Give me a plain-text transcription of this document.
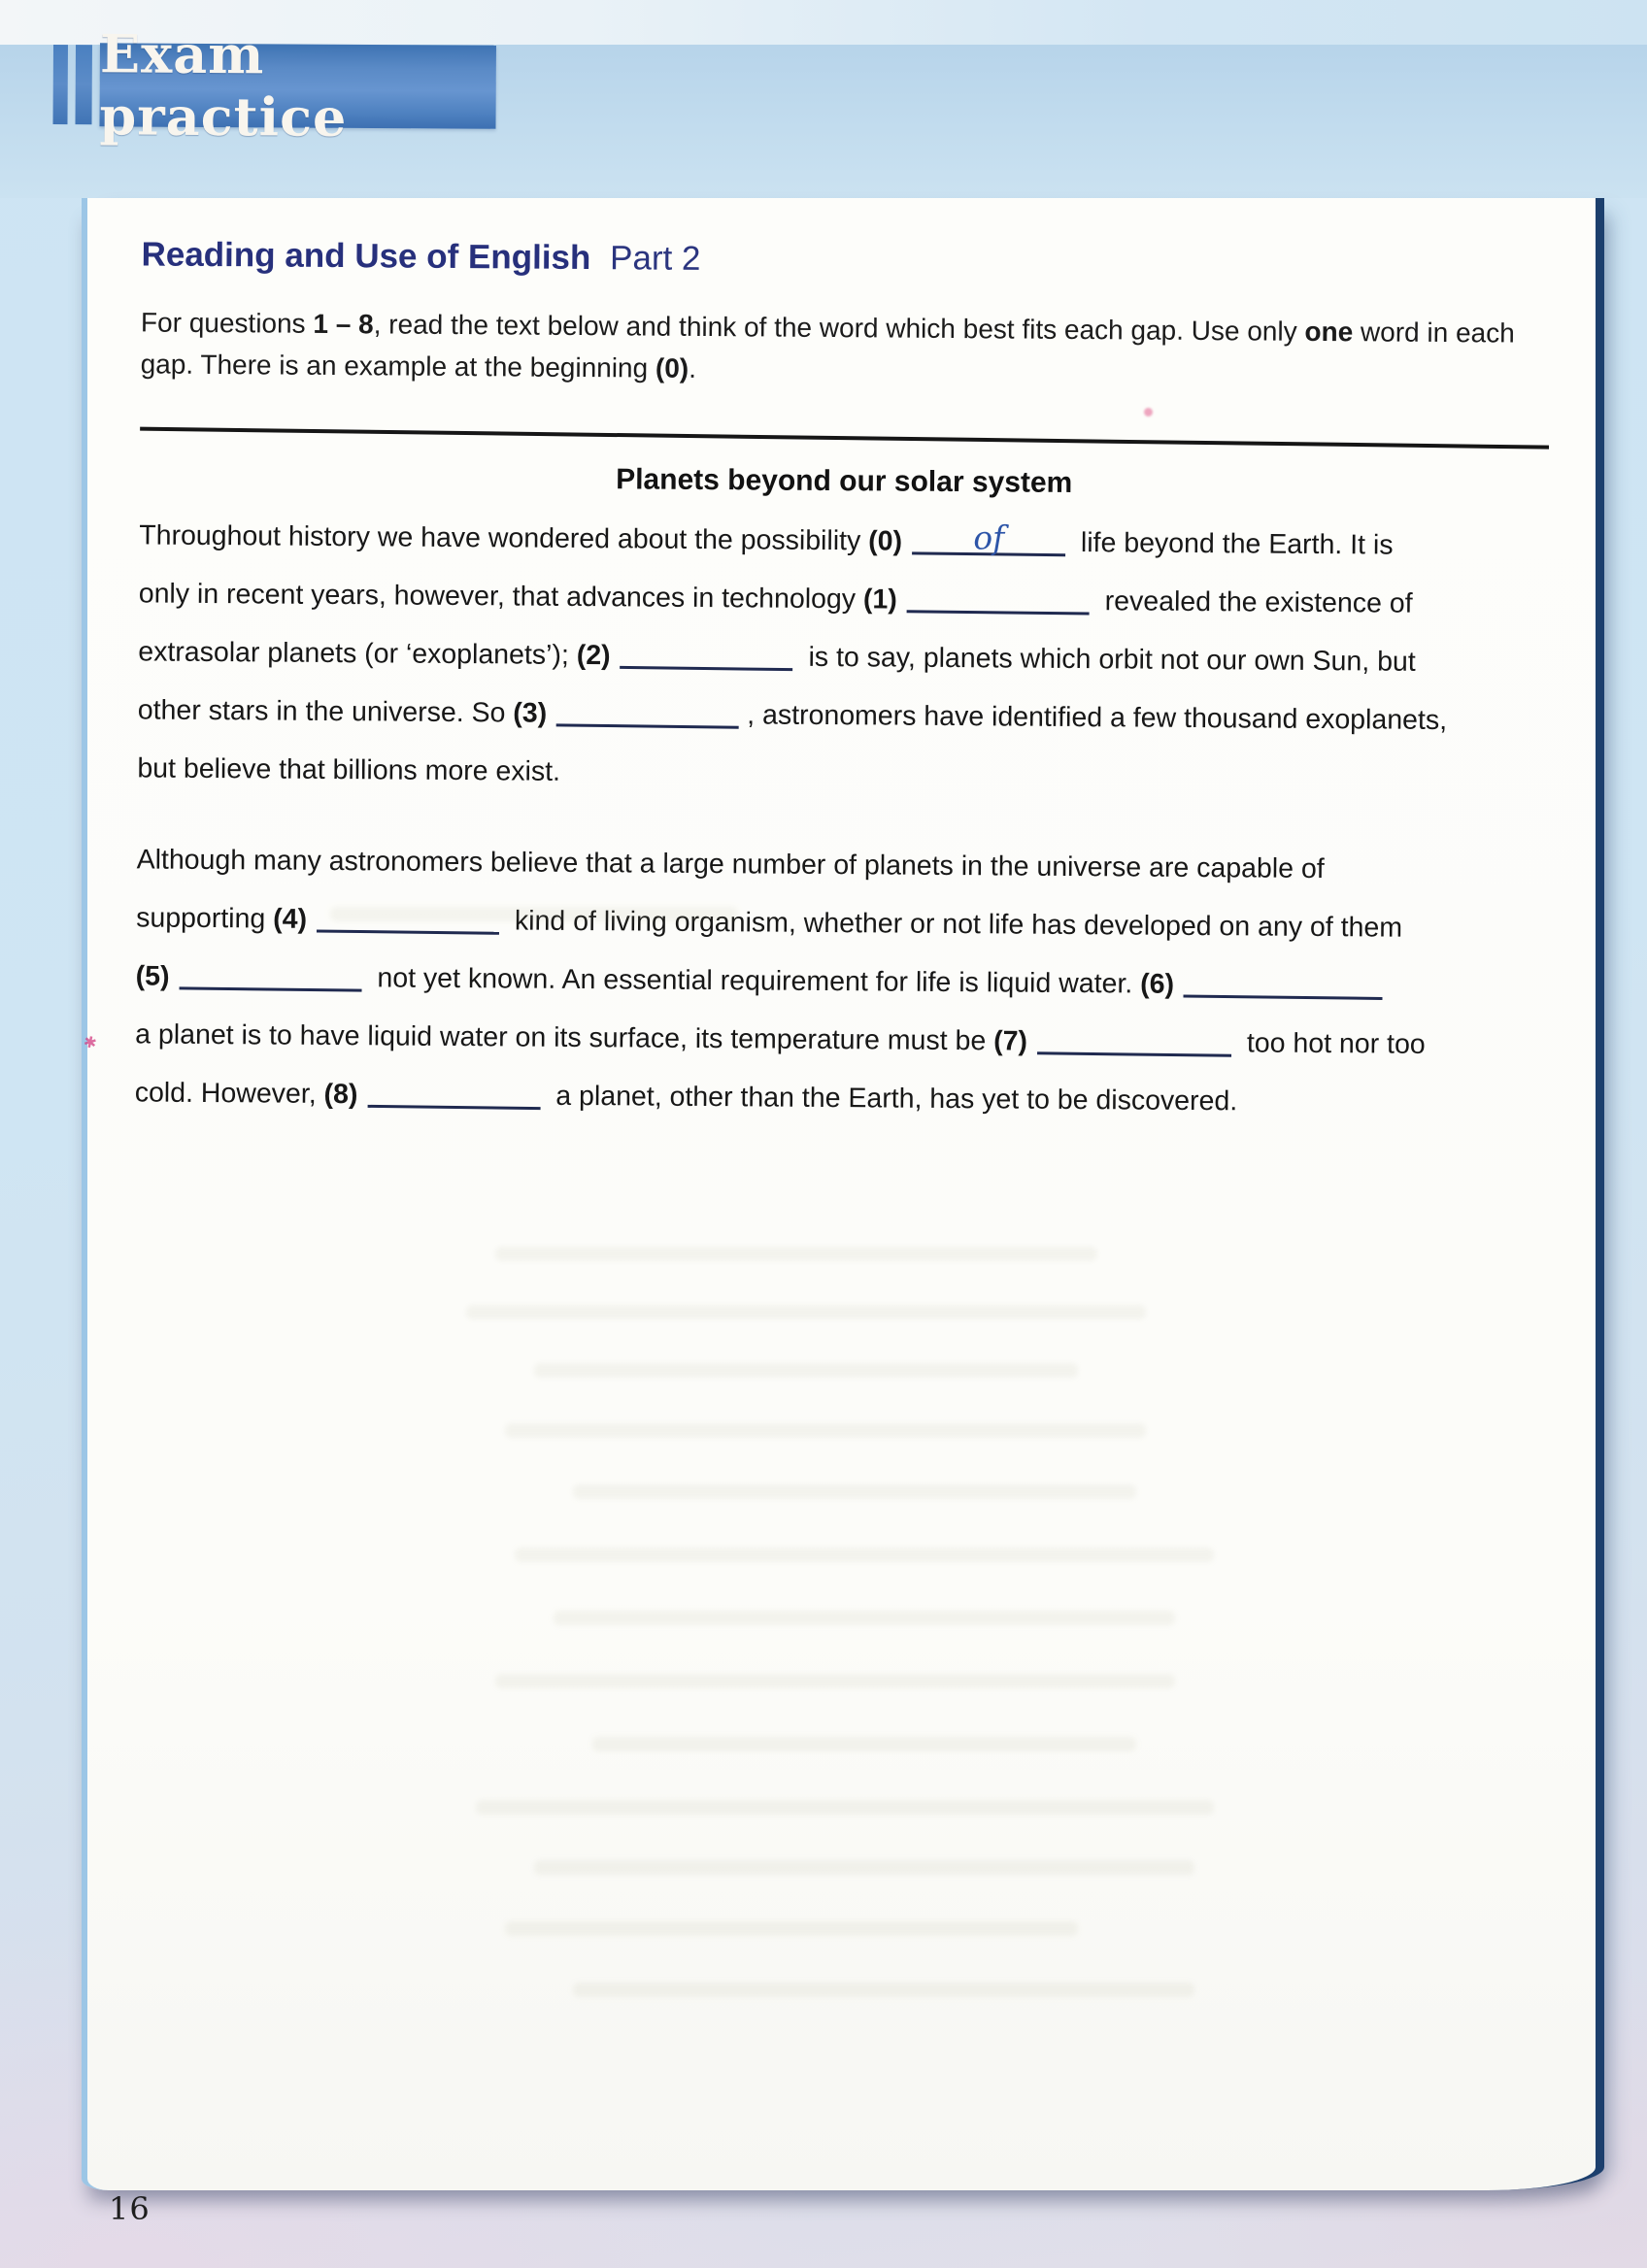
Exam practice
Reading and Use of English Part 2

For questions 1 – 8, read the text below and think of the word which best fits each gap. Use only one word in each gap. There is an example at the beginning (0).

Planets beyond our solar system
Throughout history we have wondered about the possibility (0) of life beyond the Earth. It is
only in recent years, however, that advances in technology (1)	revealed the existence of
extrasolar planets (or ‘exoplanets’); (2)	is to say, planets which orbit not our own Sun, but
other stars in the universe. So (3)	, astronomers have identified a few thousand exoplanets,
but believe that billions more exist.
Although many astronomers believe that a large number of planets in the universe are capable of
supporting (4)	kind of living organism, whether or not life has developed on any of them
(5)	not yet known. An essential requirement for life is liquid water. (6)
a planet is to have liquid water on its surface, its temperature must be (7)	too hot nor too
cold. However, (8)	a planet, other than the Earth, has yet to be discovered.
✱
16
